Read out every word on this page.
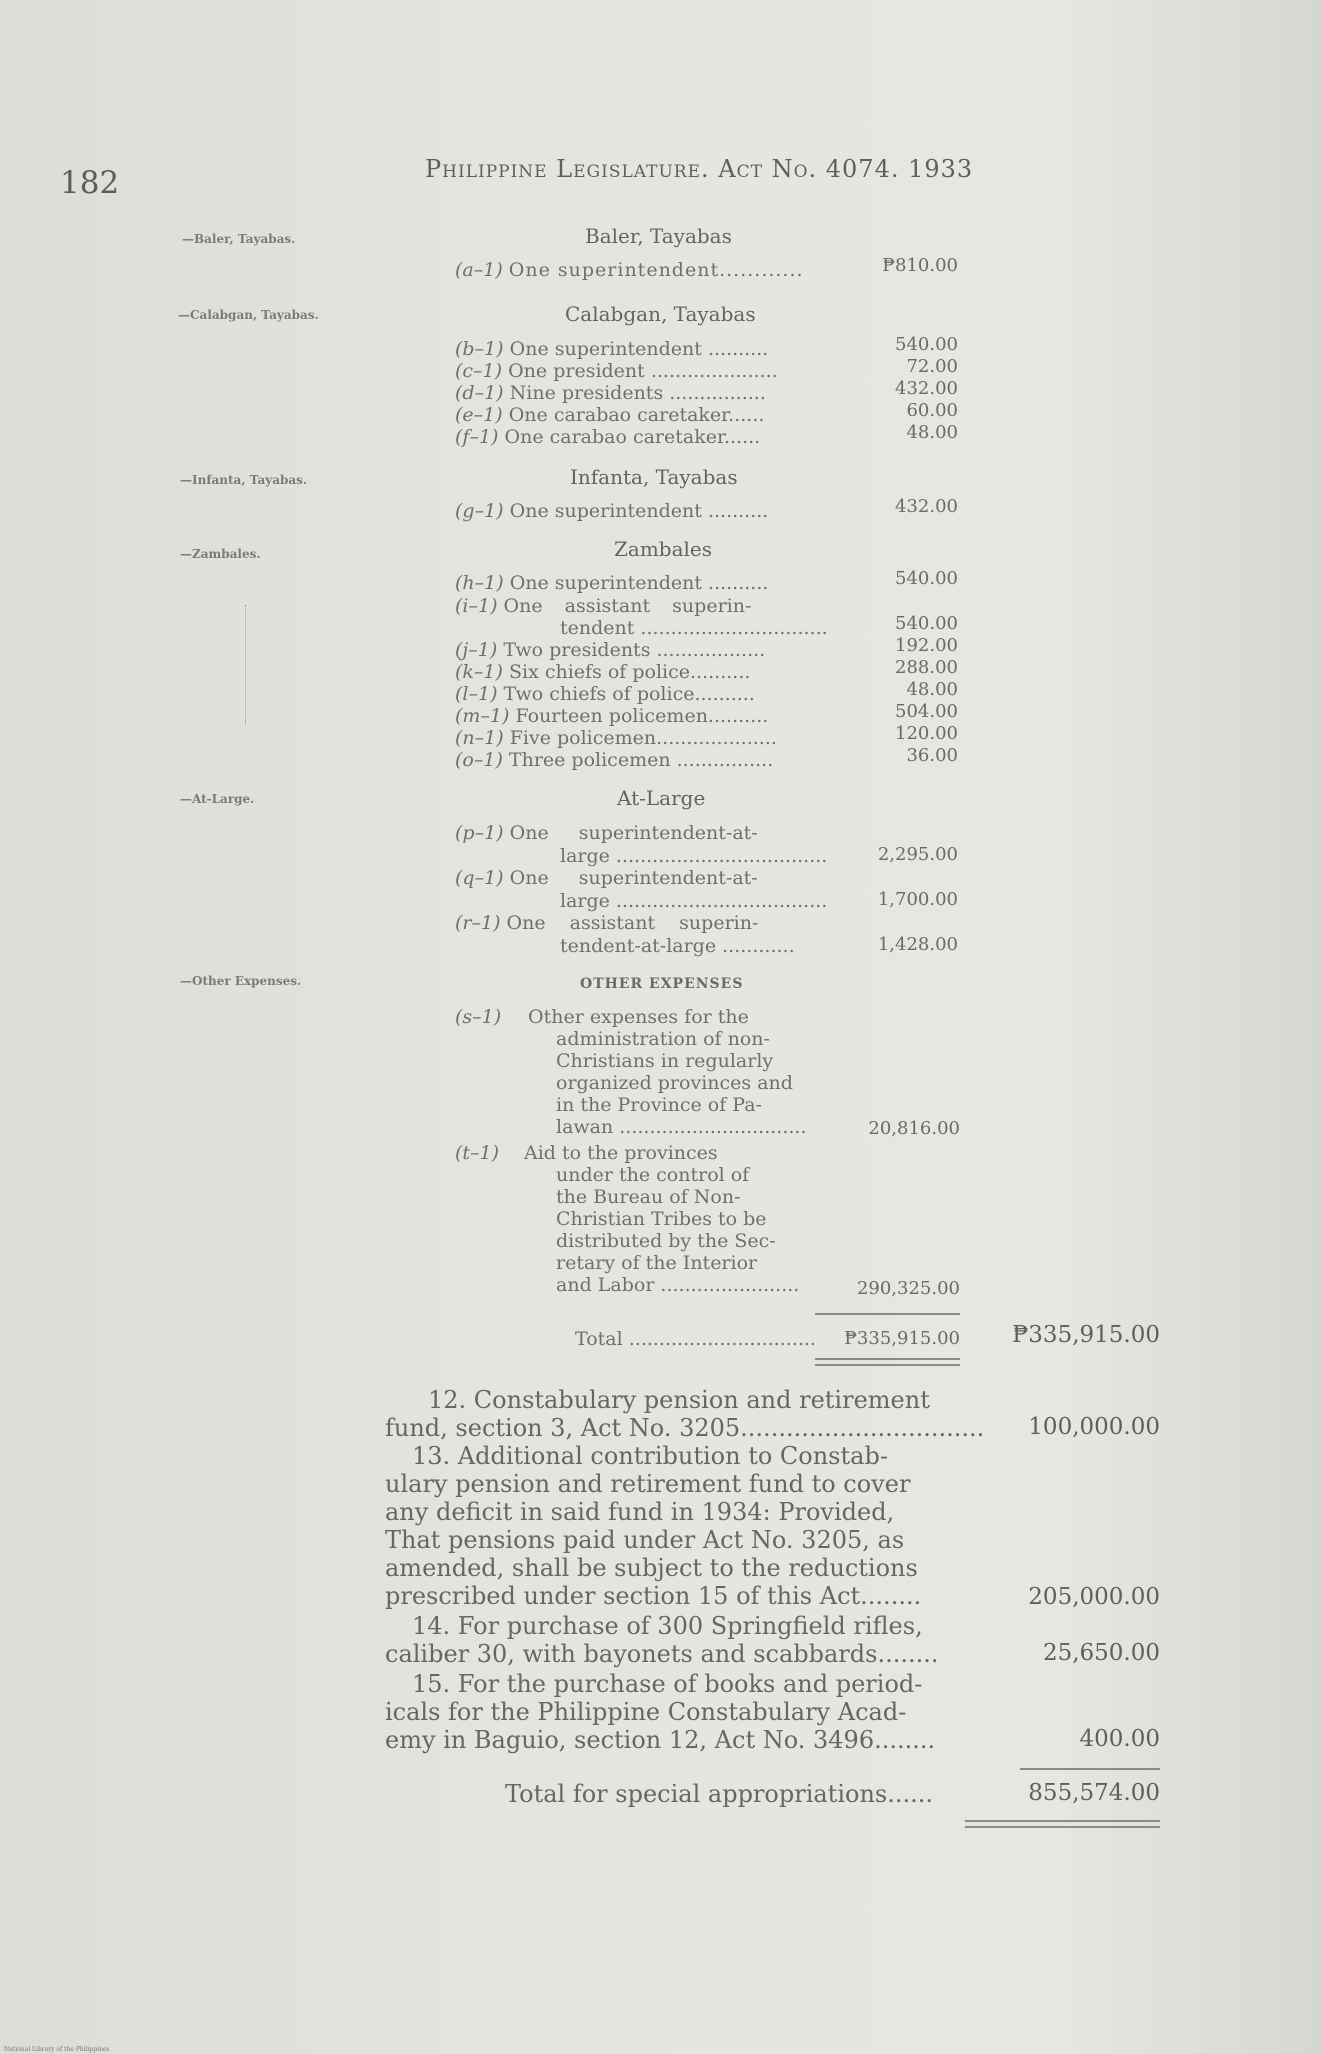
182	Philippine Legislature. Act No. 4074. 1933
—Baler, Tayabas.
—Calabgan, Tayabas.
—Infanta, Tayabas.
—Zambales.
—At-Large.
—Other Expenses.
Baler, Tayabas
(a–1) One superintendent............	₱810.00
Calabgan, Tayabas
(b–1) One superintendent ..........	540.00
(c–1) One president .....................	72.00
(d–1) Nine presidents ................	432.00
(e–1) One carabao caretaker......	60.00
(f–1) One carabao caretaker......	48.00
Infanta, Tayabas
(g–1) One superintendent ..........	432.00
Zambales
(h–1) One superintendent ..........	540.00
(i–1) One assistant superin-
tendent ...............................	540.00
(j–1) Two presidents ..................	192.00
(k–1) Six chiefs of police..........	288.00
(l–1) Two chiefs of police..........	48.00
(m–1) Fourteen policemen..........	504.00
(n–1) Five policemen....................	120.00
(o–1) Three policemen ................	36.00
At-Large
(p–1) One superintendent-at-
large ...................................	2,295.00
(q–1) One superintendent-at-
large ...................................	1,700.00
(r–1) One assistant superin-
tendent-at-large ............	1,428.00
OTHER EXPENSES
(s–1) Other expenses for the
administration of non-
Christians in regularly
organized provinces and
in the Province of Pa-
lawan ...............................	20,816.00
(t–1) Aid to the provinces
under the control of
the Bureau of Non-
Christian Tribes to be
distributed by the Sec-
retary of the Interior
and Labor .......................	290,325.00
Total ............................... ₱335,915.00	₱335,915.00
12. Constabulary pension and retirement
fund, section 3, Act No. 3205................................	100,000.00
13. Additional contribution to Constab-
ulary pension and retirement fund to cover
any deficit in said fund in 1934: Provided,
That pensions paid under Act No. 3205, as
amended, shall be subject to the reductions
prescribed under section 15 of this Act........	205,000.00
14. For purchase of 300 Springfield rifles,
caliber 30, with bayonets and scabbards........	25,650.00
15. For the purchase of books and period-
icals for the Philippine Constabulary Acad-
emy in Baguio, section 12, Act No. 3496........	400.00
Total for special appropriations......	855,574.00
National Library of the Philippines
